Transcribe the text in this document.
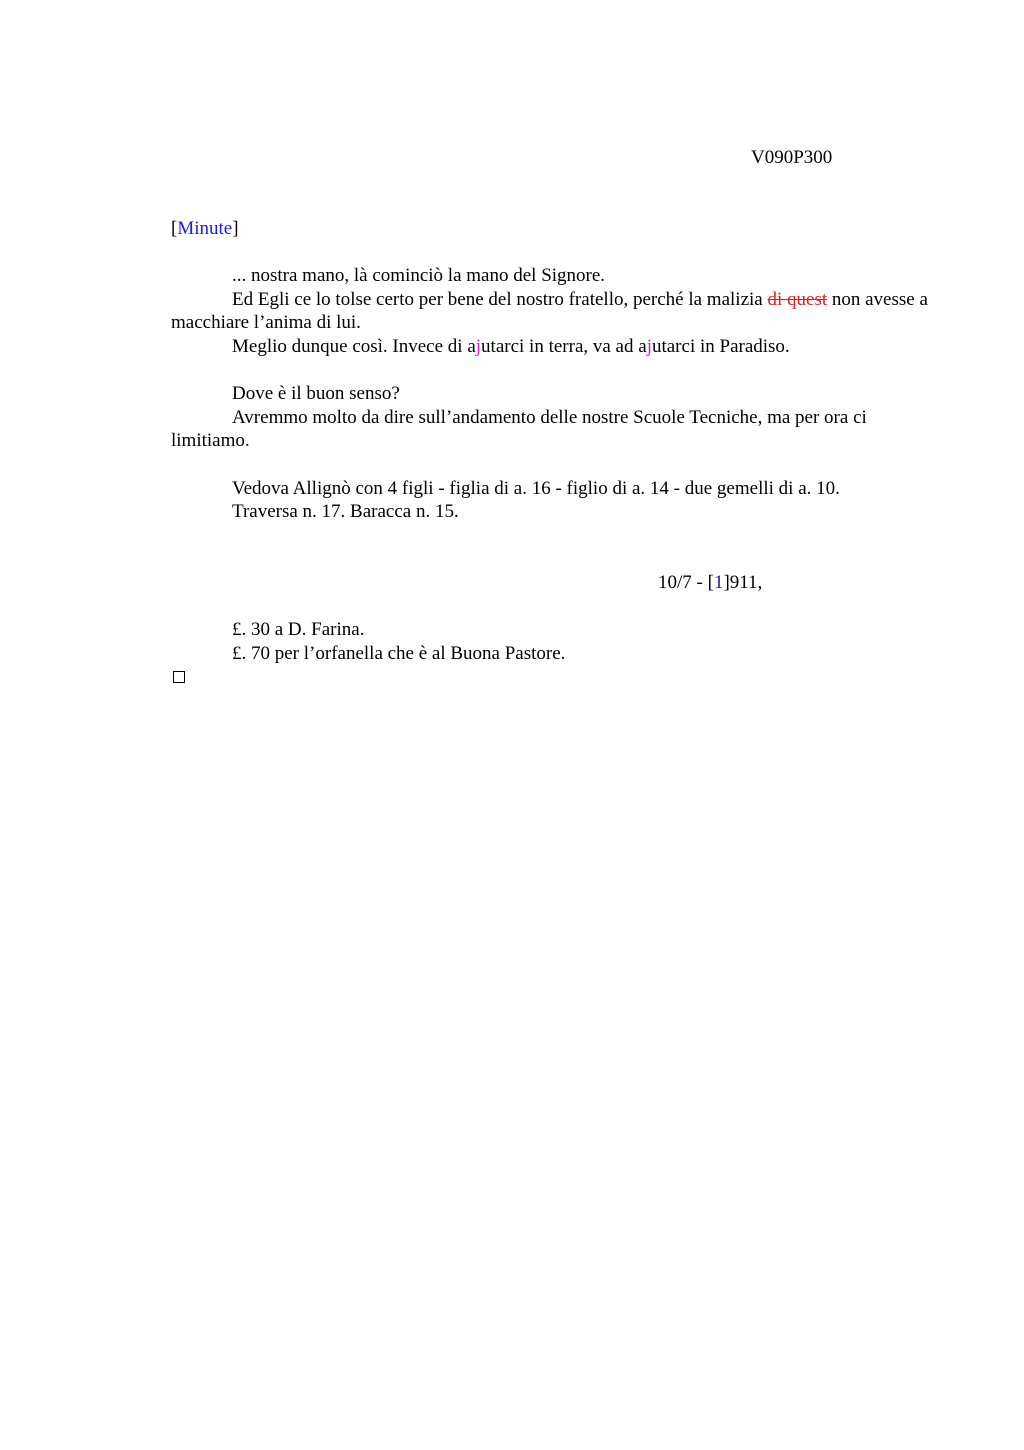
V090P300

[Minute]

... nostra mano, là cominciò la mano del Signore.

Ed Egli ce lo tolse certo per bene del nostro fratello, perché la malizia di quest non avesse a macchiare l’anima di lui.

Meglio dunque così. Invece di ajutarci in terra, va ad ajutarci in Paradiso.

Dove è il buon senso?

Avremmo molto da dire sull’andamento delle nostre Scuole Tecniche, ma per ora ci limitiamo.

Vedova Allignò con 4 figli - figlia di a. 16 - figlio di a. 14 - due gemelli di a. 10.

Traversa n. 17. Baracca n. 15.

10/7 - [1]911,

£. 30 a D. Farina.

£. 70 per l’orfanella che è al Buona Pastore.
